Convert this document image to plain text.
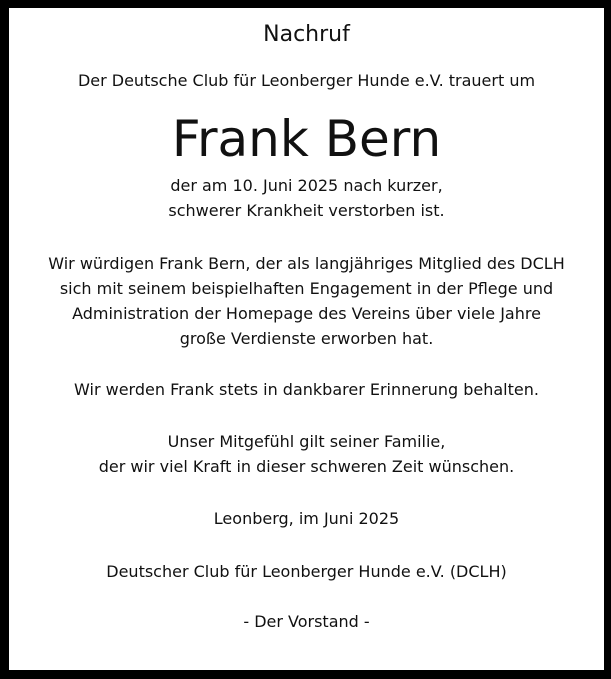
Nachruf
Der Deutsche Club für Leonberger Hunde e.V. trauert um
Frank Bern
der am 10. Juni 2025 nach kurzer,
schwerer Krankheit verstorben ist.
Wir würdigen Frank Bern, der als langjähriges Mitglied des DCLH
sich mit seinem beispielhaften Engagement in der Pflege und
Administration der Homepage des Vereins über viele Jahre
große Verdienste erworben hat.
Wir werden Frank stets in dankbarer Erinnerung behalten.
Unser Mitgefühl gilt seiner Familie,
der wir viel Kraft in dieser schweren Zeit wünschen.
Leonberg, im Juni 2025
Deutscher Club für Leonberger Hunde e.V. (DCLH)
- Der Vorstand -
